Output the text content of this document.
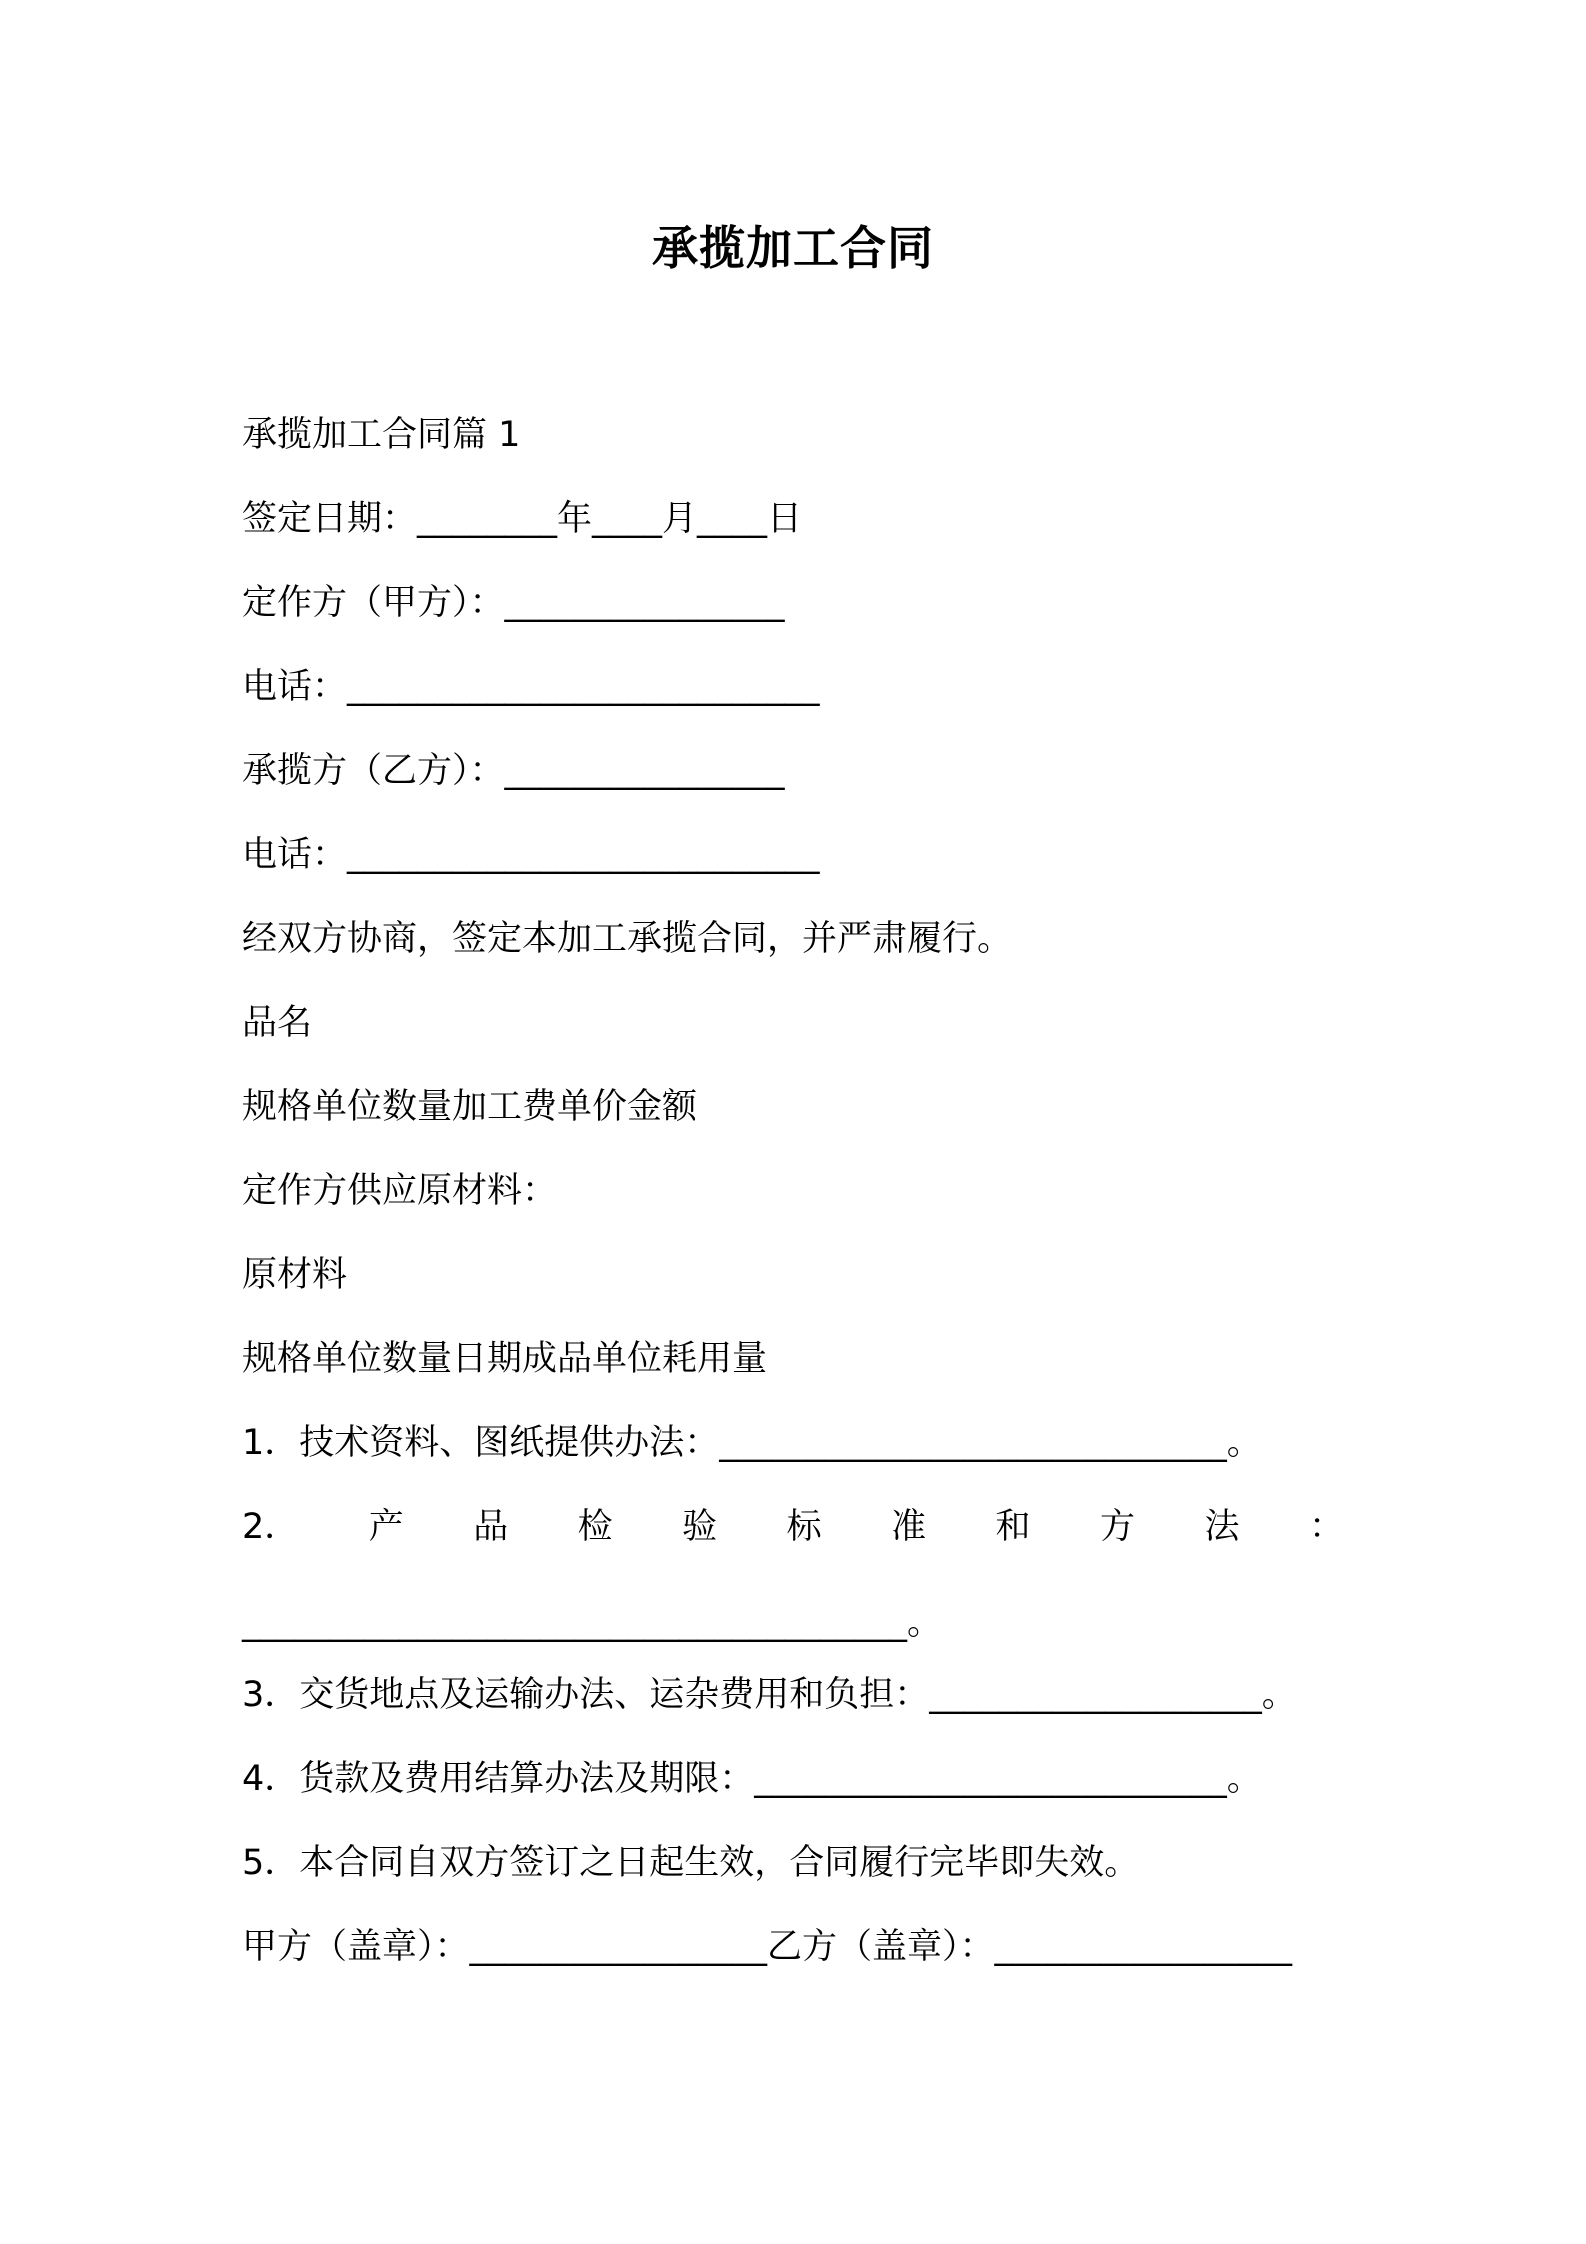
承揽加工合同

承揽加工合同篇 1

签定日期：________年____月____日

定作方（甲方）：________________

电话：___________________________

承揽方（乙方）：________________

电话：___________________________

经双方协商，签定本加工承揽合同，并严肃履行。

品名

规格单位数量加工费单价金额

定作方供应原材料：

原材料

规格单位数量日期成品单位耗用量

1．技术资料、图纸提供办法：_____________________________。

2． 产 品 检 验 标 准 和 方 法 ：

______________________________________。

3．交货地点及运输办法、运杂费用和负担：___________________。

4．货款及费用结算办法及期限：___________________________。

5．本合同自双方签订之日起生效，合同履行完毕即失效。

甲方（盖章）：_________________乙方（盖章）：_________________
